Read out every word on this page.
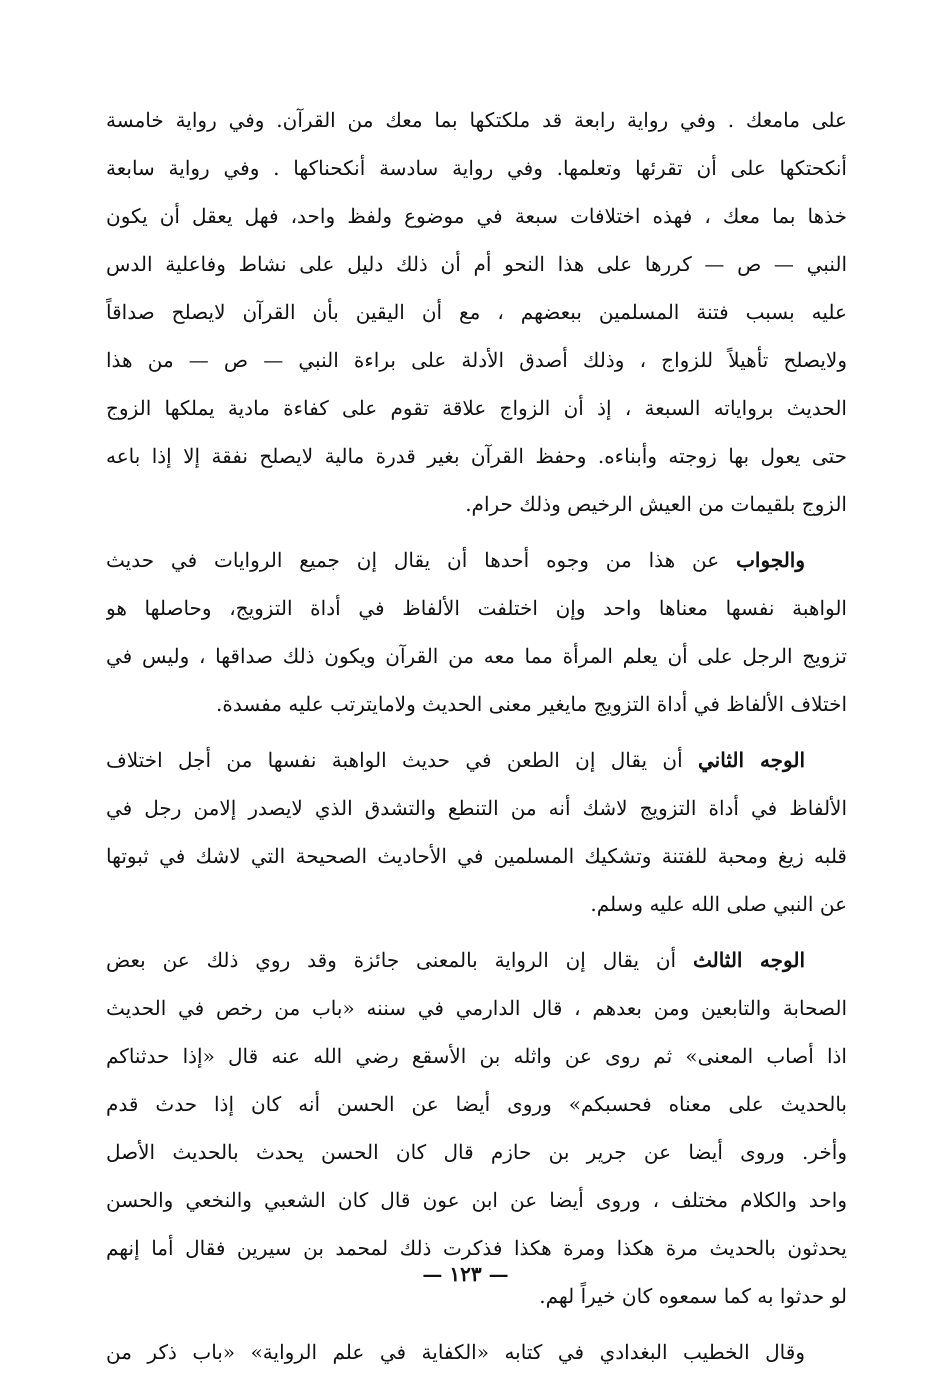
على مامعك . وفي رواية رابعة قد ملكتكها بما معك من القرآن. وفي رواية خامسة
أنكحتكها على أن تقرئها وتعلمها. وفي رواية سادسة أنكحناكها . وفي رواية سابعة
خذها بما معك ، فهذه اختلافات سبعة في موضوع ولفظ واحد، فهل يعقل أن يكون
النبي — ص — كررها على هذا النحو أم أن ذلك دليل على نشاط وفاعلية الدس
عليه بسبب فتنة المسلمين ببعضهم ، مع أن اليقين بأن القرآن لايصلح صداقاً
ولايصلح تأهيلاً للزواج ، وذلك أصدق الأدلة على براءة النبي — ص — من هذا
الحديث برواياته السبعة ، إذ أن الزواج علاقة تقوم على كفاءة مادية يملكها الزوج
حتى يعول بها زوجته وأبناءه. وحفظ القرآن بغير قدرة مالية لايصلح نفقة إلا إذا باعه
الزوج بلقيمات من العيش الرخيص وذلك حرام.

والجواب عن هذا من وجوه أحدها أن يقال إن جميع الروايات في حديث
الواهبة نفسها معناها واحد وإن اختلفت الألفاظ في أداة التزويج، وحاصلها هو
تزويج الرجل على أن يعلم المرأة مما معه من القرآن ويكون ذلك صداقها ، وليس في
اختلاف الألفاظ في أداة التزويج مايغير معنى الحديث ولامايترتب عليه مفسدة.

الوجه الثاني أن يقال إن الطعن في حديث الواهبة نفسها من أجل اختلاف
الألفاظ في أداة التزويج لاشك أنه من التنطع والتشدق الذي لايصدر إلامن رجل في
قلبه زيغ ومحبة للفتنة وتشكيك المسلمين في الأحاديث الصحيحة التي لاشك في ثبوتها
عن النبي صلى الله عليه وسلم.

الوجه الثالث أن يقال إن الرواية بالمعنى جائزة وقد روي ذلك عن بعض
الصحابة والتابعين ومن بعدهم ، قال الدارمي في سننه «باب من رخص في الحديث
اذا أصاب المعنى» ثم روى عن واثله بن الأسقع رضي الله عنه قال «إذا حدثناكم
بالحديث على معناه فحسبكم» وروى أيضا عن الحسن أنه كان إذا حدث قدم
وأخر. وروى أيضا عن جرير بن حازم قال كان الحسن يحدث بالحديث الأصل
واحد والكلام مختلف ، وروى أيضا عن ابن عون قال كان الشعبي والنخعي والحسن
يحدثون بالحديث مرة هكذا ومرة هكذا فذكرت ذلك لمحمد بن سيرين فقال أما إنهم
لو حدثوا به كما سمعوه كان خيراً لهم.

وقال الخطيب البغدادي في كتابه «الكفاية في علم الرواية» «باب ذكر من

— ١٢٣ —
